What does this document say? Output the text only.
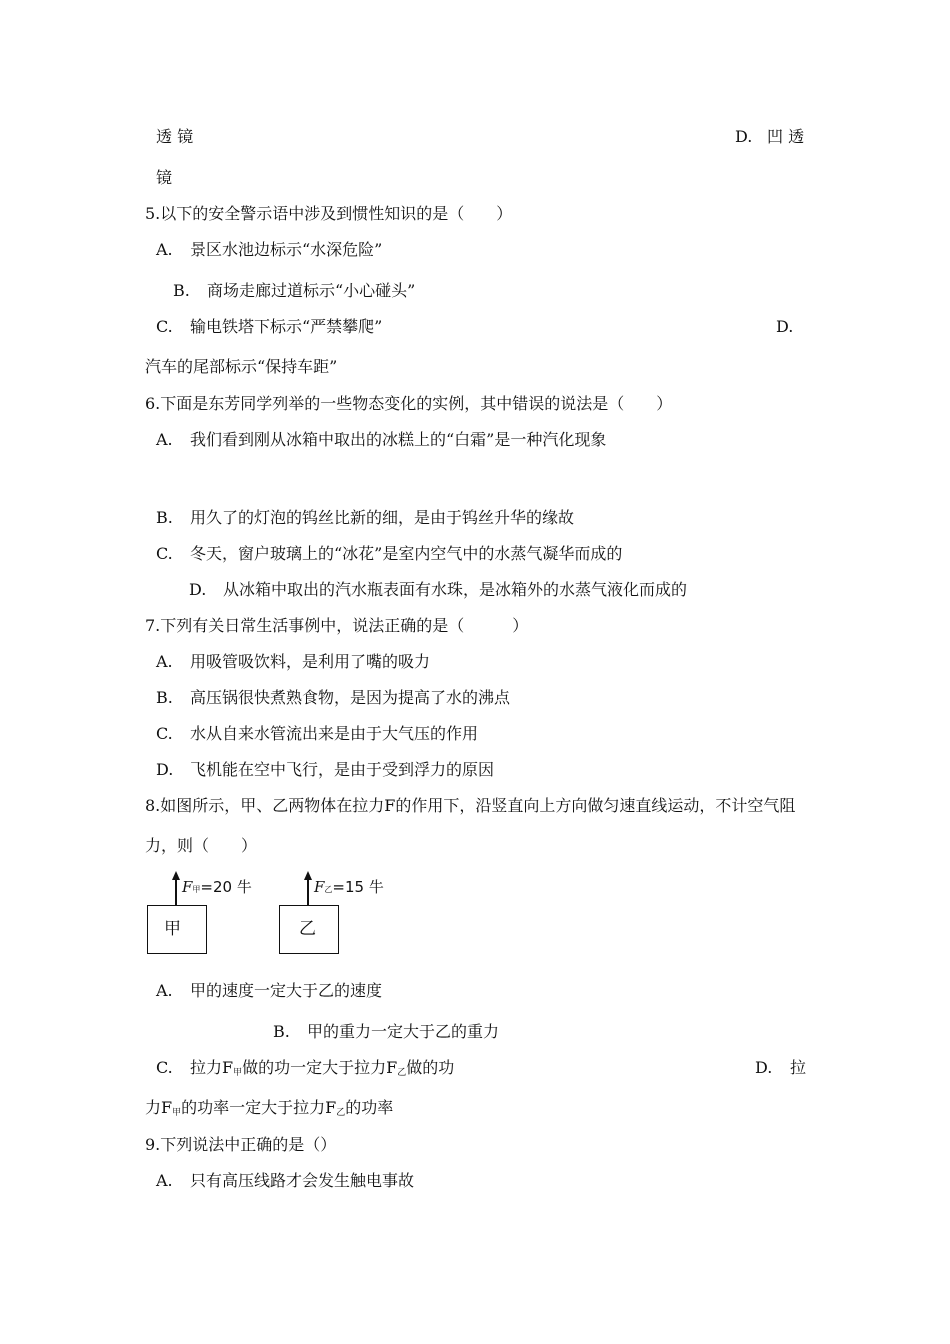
透 镜	D. 凹 透
镜
5.以下的安全警示语中涉及到惯性知识的是（　　）
A. 景区水池边标示“水深危险”
B. 商场走廊过道标示“小心碰头”
C. 输电铁塔下标示“严禁攀爬”	D.
汽车的尾部标示“保持车距”
6.下面是东芳同学列举的一些物态变化的实例，其中错误的说法是（　　）
A. 我们看到刚从冰箱中取出的冰糕上的“白霜”是一种汽化现象
B. 用久了的灯泡的钨丝比新的细，是由于钨丝升华的缘故
C. 冬天，窗户玻璃上的“冰花”是室内空气中的水蒸气凝华而成的
D. 从冰箱中取出的汽水瓶表面有水珠，是冰箱外的水蒸气液化而成的
7.下列有关日常生活事例中，说法正确的是（　　　）
A. 用吸管吸饮料，是利用了嘴的吸力
B. 高压锅很快煮熟食物，是因为提高了水的沸点
C. 水从自来水管流出来是由于大气压的作用
D. 飞机能在空中飞行，是由于受到浮力的原因
8.如图所示，甲、乙两物体在拉力F的作用下，沿竖直向上方向做匀速直线运动，不计空气阻
力，则（　　）
F甲=20 牛	F乙=15 牛
甲	乙
A. 甲的速度一定大于乙的速度
B. 甲的重力一定大于乙的重力
C. 拉力$F_甲$做的功一定大于拉力$F_乙$做的功	D. 拉
力$F_甲$的功率一定大于拉力$F_乙$的功率
9.下列说法中正确的是（）
A. 只有高压线路才会发生触电事故
